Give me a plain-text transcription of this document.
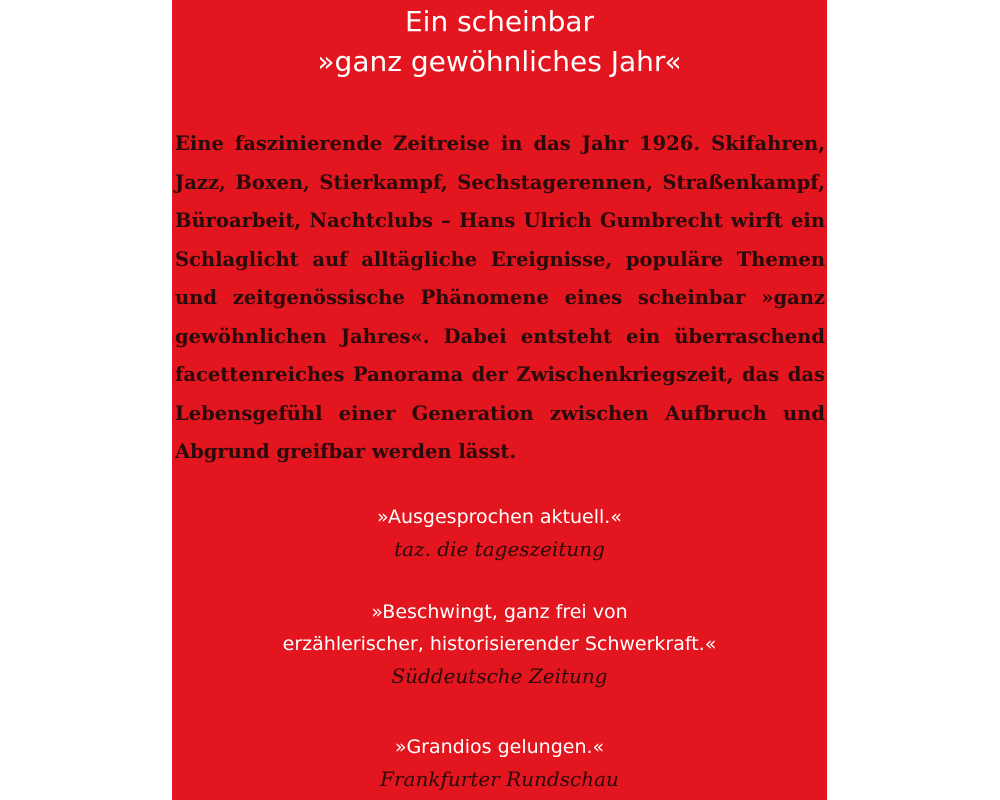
Ein scheinbar
»ganz gewöhnliches Jahr«

Eine faszinierende Zeitreise in das Jahr 1926. Skifahren, Jazz, Boxen, Stierkampf, Sechstagerennen, Straßenkampf, Büroarbeit, Nachtclubs – Hans Ulrich Gumbrecht wirft ein Schlaglicht auf alltägliche Ereignisse, populäre Themen und zeitgenössische Phänomene eines scheinbar »ganz gewöhnlichen Jahres«. Dabei entsteht ein überraschend facettenreiches Panorama der Zwischenkriegszeit, das das Lebensgefühl einer Generation zwischen Aufbruch und Abgrund greifbar werden lässt.

»Ausgesprochen aktuell.«
taz. die tageszeitung
»Beschwingt, ganz frei von
erzählerischer, historisierender Schwerkraft.«
Süddeutsche Zeitung
»Grandios gelungen.«
Frankfurter Rundschau
